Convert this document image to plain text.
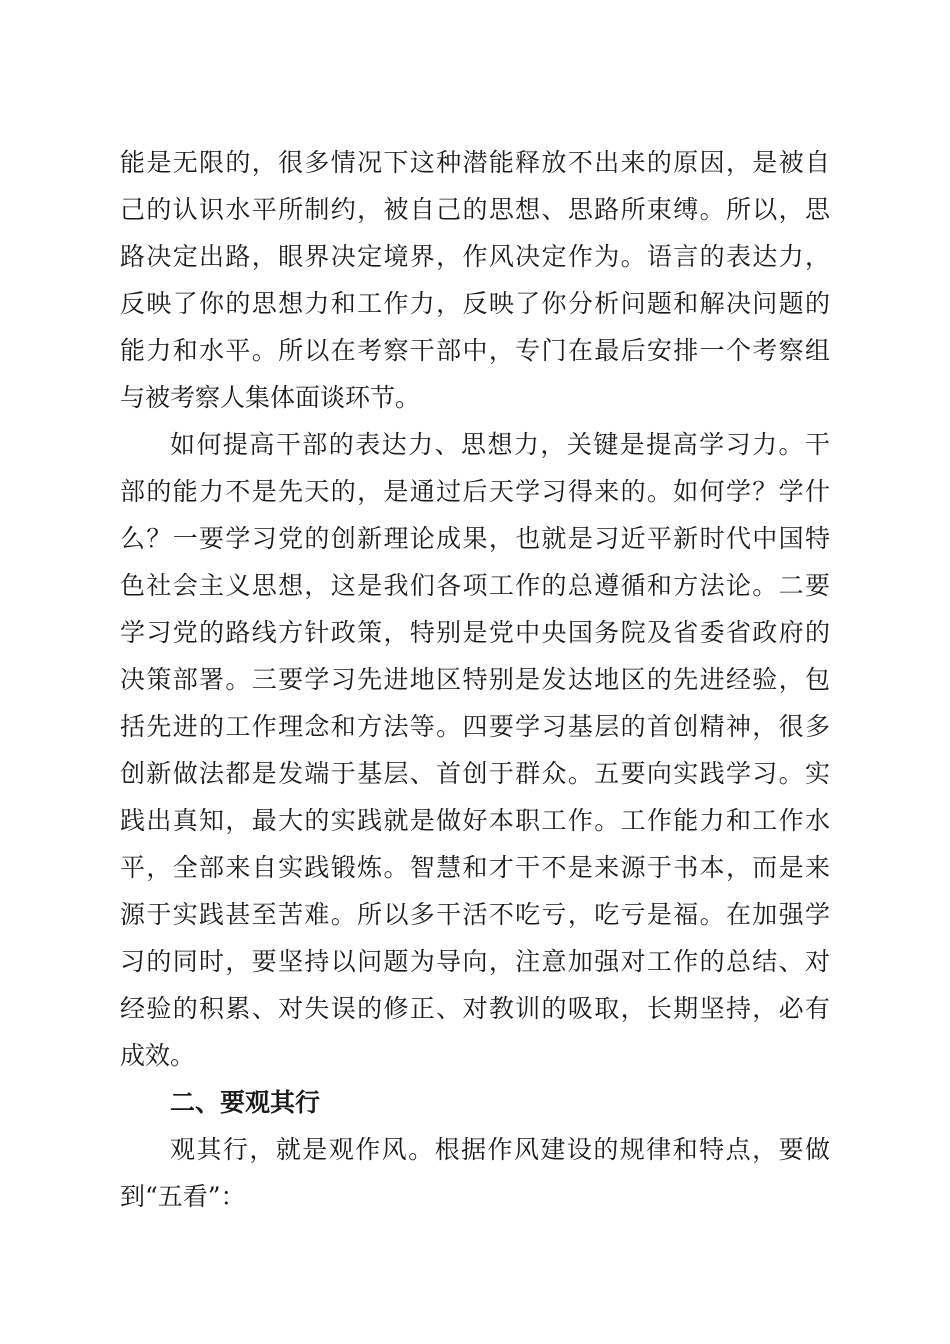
能是无限的，很多情况下这种潜能释放不出来的原因，是被自
己的认识水平所制约，被自己的思想、思路所束缚。所以，思
路决定出路，眼界决定境界，作风决定作为。语言的表达力，
反映了你的思想力和工作力，反映了你分析问题和解决问题的
能力和水平。所以在考察干部中，专门在最后安排一个考察组
与被考察人集体面谈环节。
如何提高干部的表达力、思想力，关键是提高学习力。干
部的能力不是先天的，是通过后天学习得来的。如何学？学什
么？一要学习党的创新理论成果，也就是习近平新时代中国特
色社会主义思想，这是我们各项工作的总遵循和方法论。二要
学习党的路线方针政策，特别是党中央国务院及省委省政府的
决策部署。三要学习先进地区特别是发达地区的先进经验，包
括先进的工作理念和方法等。四要学习基层的首创精神，很多
创新做法都是发端于基层、首创于群众。五要向实践学习。实
践出真知，最大的实践就是做好本职工作。工作能力和工作水
平，全部来自实践锻炼。智慧和才干不是来源于书本，而是来
源于实践甚至苦难。所以多干活不吃亏，吃亏是福。在加强学
习的同时，要坚持以问题为导向，注意加强对工作的总结、对
经验的积累、对失误的修正、对教训的吸取，长期坚持，必有
成效。
二、要观其行
观其行，就是观作风。根据作风建设的规律和特点，要做
到“五看”：
